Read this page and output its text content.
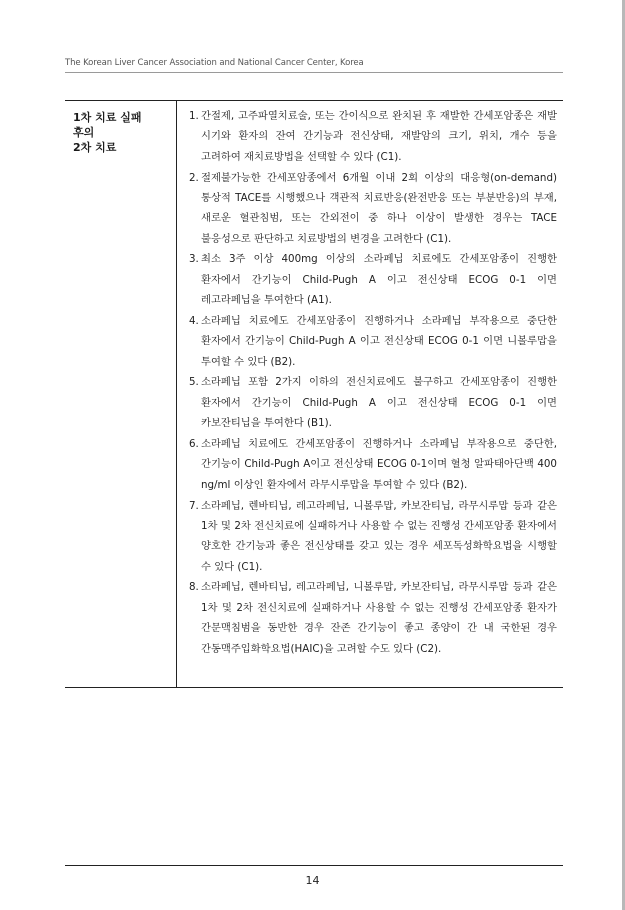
The Korean Liver Cancer Association and National Cancer Center, Korea
1차 치료 실패
후의
2차 치료
1. 간절제, 고주파열치료술, 또는 간이식으로 완치된 후 재발한 간세포암종은 재발 시기와 환자의 잔여 간기능과 전신상태, 재발암의 크기, 위치, 개수 등을 고려하여 재치료방법을 선택할 수 있다 (C1).
2. 절제불가능한 간세포암종에서 6개월 이내 2회 이상의 대응형(on-demand) 통상적 TACE를 시행했으나 객관적 치료반응(완전반응 또는 부분반응)의 부재, 새로운 혈관침범, 또는 간외전이 중 하나 이상이 발생한 경우는 TACE 불응성으로 판단하고 치료방법의 변경을 고려한다 (C1).
3. 최소 3주 이상 400mg 이상의 소라페닙 치료에도 간세포암종이 진행한 환자에서 간기능이 Child-Pugh A 이고 전신상태 ECOG 0-1 이면 레고라페닙을 투여한다 (A1).
4. 소라페닙 치료에도 간세포암종이 진행하거나 소라페닙 부작용으로 중단한 환자에서 간기능이 Child-Pugh A 이고 전신상태 ECOG 0-1 이면 니볼루맙을 투여할 수 있다 (B2).
5. 소라페닙 포함 2가지 이하의 전신치료에도 불구하고 간세포암종이 진행한 환자에서 간기능이 Child-Pugh A 이고 전신상태 ECOG 0-1 이면 카보잔티닙을 투여한다 (B1).
6. 소라페닙 치료에도 간세포암종이 진행하거나 소라페닙 부작용으로 중단한, 간기능이 Child-Pugh A이고 전신상태 ECOG 0-1이며 혈청 알파태아단백 400 ng/ml 이상인 환자에서 라무시루맙을 투여할 수 있다 (B2).
7. 소라페닙, 렌바티닙, 레고라페닙, 니볼루맙, 카보잔티닙, 라무시루맙 등과 같은 1차 및 2차 전신치료에 실패하거나 사용할 수 없는 진행성 간세포암종 환자에서 양호한 간기능과 좋은 전신상태를 갖고 있는 경우 세포독성화학요법을 시행할 수 있다 (C1).
8. 소라페닙, 렌바티닙, 레고라페닙, 니볼루맙, 카보잔티닙, 라무시루맙 등과 같은 1차 및 2차 전신치료에 실패하거나 사용할 수 없는 진행성 간세포암종 환자가 간문맥침범을 동반한 경우 잔존 간기능이 좋고 종양이 간 내 국한된 경우 간동맥주입화학요법(HAIC)을 고려할 수도 있다 (C2).
14
